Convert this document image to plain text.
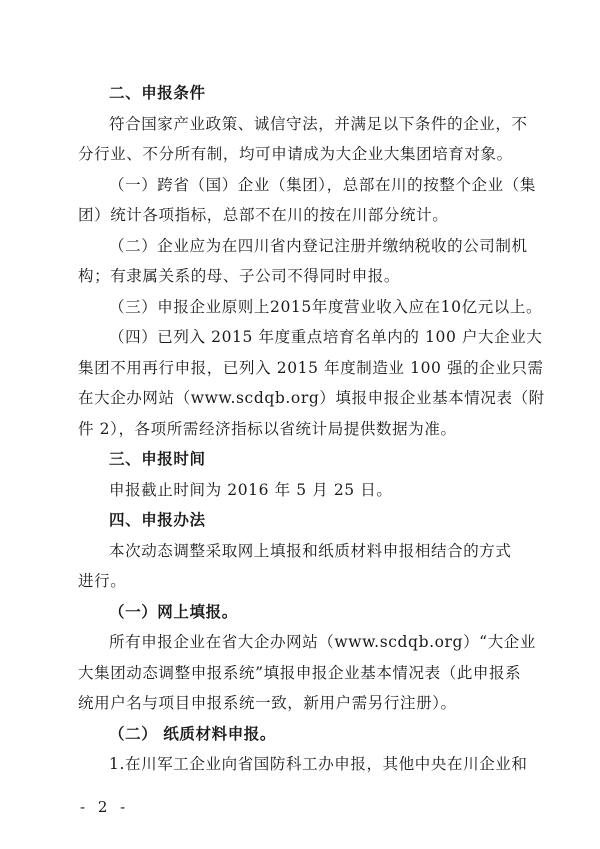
二、申报条件
符合国家产业政策、诚信守法，并满足以下条件的企业，不
分行业、不分所有制，均可申请成为大企业大集团培育对象。
（一）跨省（国）企业（集团），总部在川的按整个企业（集
团）统计各项指标，总部不在川的按在川部分统计。
（二）企业应为在四川省内登记注册并缴纳税收的公司制机
构；有隶属关系的母、子公司不得同时申报。
（三）申报企业原则上2015年度营业收入应在10亿元以上。
（四）已列入 2015 年度重点培育名单内的 100 户大企业大
集团不用再行申报，已列入 2015 年度制造业 100 强的企业只需
在大企办网站（www.scdqb.org）填报申报企业基本情况表（附
件 2），各项所需经济指标以省统计局提供数据为准。
三、申报时间
申报截止时间为 2016 年 5 月 25 日。
四、申报办法
本次动态调整采取网上填报和纸质材料申报相结合的方式
进行。
（一）网上填报。
所有申报企业在省大企办网站（www.scdqb.org）“大企业
大集团动态调整申报系统”填报申报企业基本情况表（此申报系
统用户名与项目申报系统一致，新用户需另行注册）。
（二） 纸质材料申报。
1.在川军工企业向省国防科工办申报，其他中央在川企业和
- 2 -
